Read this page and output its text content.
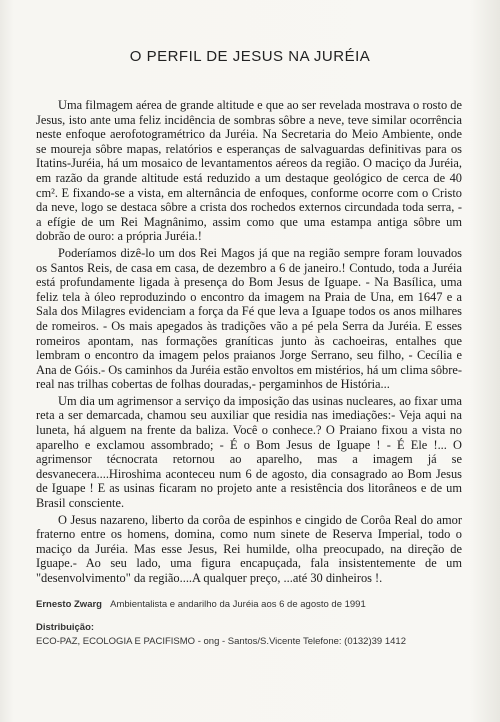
O PERFIL DE JESUS NA JURÉIA

Uma filmagem aérea de grande altitude e que ao ser revelada mostrava o rosto de Jesus, isto ante uma feliz incidência de sombras sôbre a neve, teve similar ocorrência neste enfoque aerofotogramétrico da Juréia. Na Secretaria do Meio Ambiente, onde se moureja sôbre mapas, relatórios e esperanças de salvaguardas definitivas para os Itatins-Juréia, há um mosaico de levantamentos aéreos da região. O maciço da Juréia, em razão da grande altitude está reduzido a um destaque geológico de cerca de 40 cm². E fixando-se a vista, em alternância de enfoques, conforme ocorre com o Cristo da neve, logo se destaca sôbre a crista dos rochedos externos circundada toda serra, - a efígie de um Rei Magnânimo, assim como que uma estampa antiga sôbre um dobrão de ouro: a própria Juréia.!

Poderíamos dizê-lo um dos Rei Magos já que na região sempre foram louvados os Santos Reis, de casa em casa, de dezembro a 6 de janeiro.! Contudo, toda a Juréia está profundamente ligada à presença do Bom Jesus de Iguape. - Na Basílica, uma feliz tela à óleo reproduzindo o encontro da imagem na Praia de Una, em 1647 e a Sala dos Milagres evidenciam a força da Fé que leva a Iguape todos os anos milhares de romeiros. - Os mais apegados às tradições vão a pé pela Serra da Juréia. E esses romeiros apontam, nas formações graníticas junto às cachoeiras, entalhes que lembram o encontro da imagem pelos praianos Jorge Serrano, seu filho, - Cecília e Ana de Góis.- Os caminhos da Juréia estão envoltos em mistérios, há um clima sôbre-real nas trilhas cobertas de folhas douradas,- pergaminhos de História...

Um dia um agrimensor a serviço da imposição das usinas nucleares, ao fixar uma reta a ser demarcada, chamou seu auxiliar que residia nas imediações:- Veja aqui na luneta, há alguem na frente da baliza. Você o conhece.? O Praiano fixou a vista no aparelho e exclamou assombrado; - É o Bom Jesus de Iguape ! - É Ele !... O agrimensor técnocrata retornou ao aparelho, mas a imagem já se desvanecera....Hiroshima aconteceu num 6 de agosto, dia consagrado ao Bom Jesus de Iguape ! E as usinas ficaram no projeto ante a resistência dos litorâneos e de um Brasil consciente.

O Jesus nazareno, liberto da corôa de espinhos e cingido de Corôa Real do amor fraterno entre os homens, domina, como num sinete de Reserva Imperial, todo o maciço da Juréia. Mas esse Jesus, Rei humilde, olha preocupado, na direção de Iguape.- Ao seu lado, uma figura encapuçada, fala insistentemente de um "desenvolvimento" da região....A qualquer preço, ...até 30 dinheiros !.

Ernesto Zwarg Ambientalista e andarilho da Juréia aos 6 de agosto de 1991
Distribuição:
ECO-PAZ, ECOLOGIA E PACIFISMO - ong - Santos/S.Vicente Telefone: (0132)39 1412
